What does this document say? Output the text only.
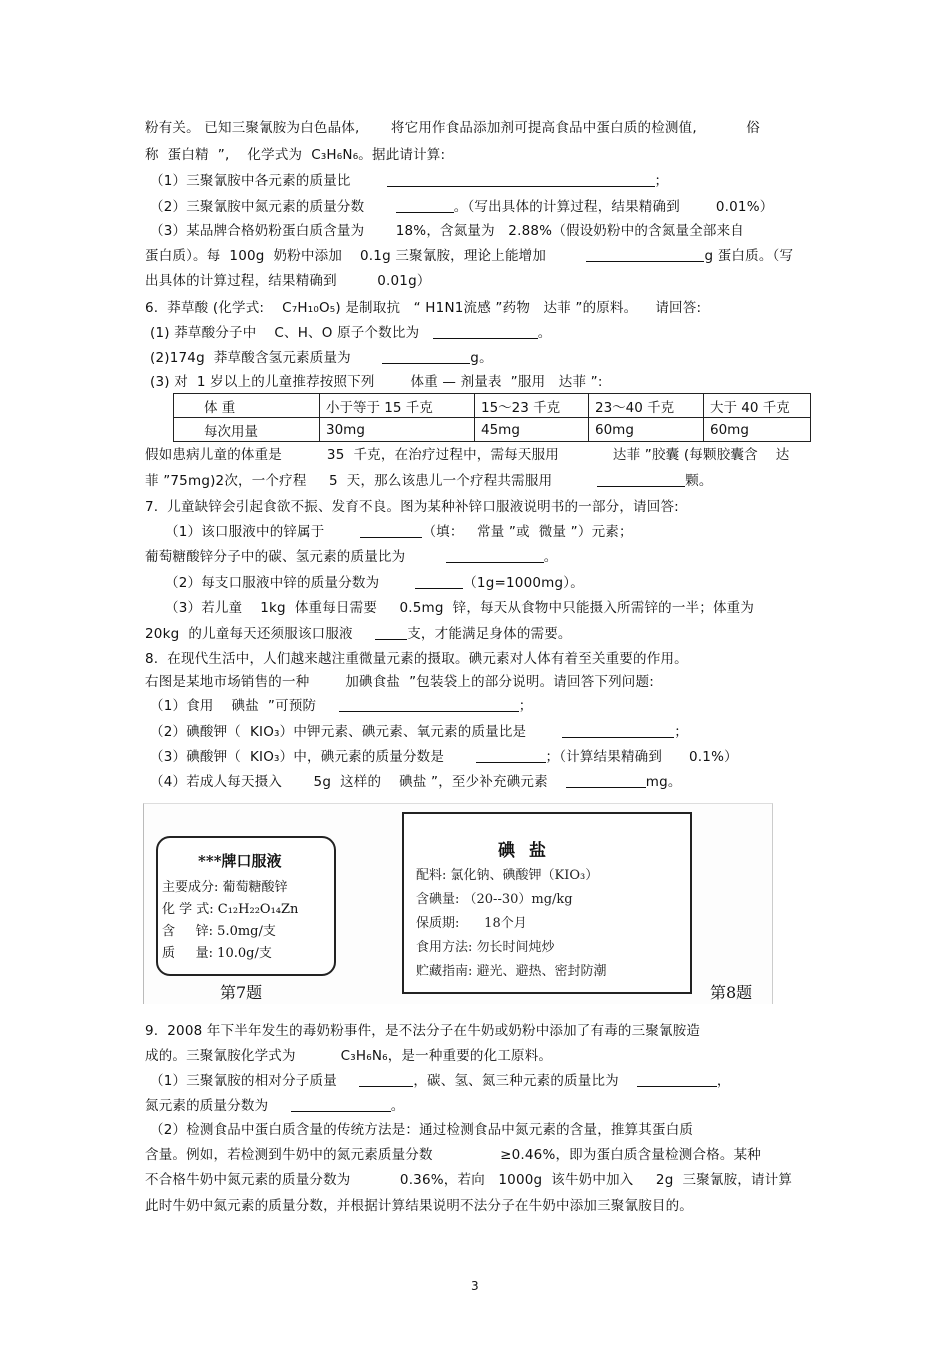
粉有关。 已知三聚氰胺为白色晶体,       将它用作食品添加剂可提高食品中蛋白质的检测值,           俗
称  蛋白精  ”,    化学式为  C₃H₆N₆。据此请计算:
（1）三聚氰胺中各元素的质量比	；
（2）三聚氰胺中氮元素的质量分数	。（写出具体的计算过程，结果精确到        0.01%）
（3）某品牌合格奶粉蛋白质含量为       18%，含氮量为   2.88%（假设奶粉中的含氮量全部来自
蛋白质）。每  100g  奶粉中添加    0.1g 三聚氰胺，理论上能增加	g 蛋白质。（写
出具体的计算过程，结果精确到         0.01g）
6.  莽草酸 (化学式:    C₇H₁₀O₅) 是制取抗   “ H1N1流感 ”药物   达菲 ”的原料。    请回答:
(1) 莽草酸分子中    C、H、O 原子个数比为	。
(2)174g  莽草酸含氢元素质量为	g。
(3) 对  1 岁以上的儿童推荐按照下列        体重 — 剂量表  ”服用   达菲 ”:
体 重	小于等于 15 千克	15～23 千克	23～40 千克	大于 40 千克
每次用量	30mg	45mg	60mg	60mg
假如患病儿童的体重是          35  千克，在治疗过程中，需每天服用            达菲 ”胶囊 (每颗胶囊含    达
菲 ”75mg)2次，一个疗程     5  天，那么该患儿一个疗程共需服用	颗。
7.  儿童缺锌会引起食欲不振、发育不良。图为某种补锌口服液说明书的一部分，请回答:
（1）该口服液中的锌属于	（填：   常量 ”或  微量 ”）元素；
葡萄糖酸锌分子中的碳、氢元素的质量比为	。
（2）每支口服液中锌的质量分数为	（1g=1000mg）。
（3）若儿童    1kg  体重每日需要     0.5mg  锌，每天从食物中只能摄入所需锌的一半；体重为
20kg  的儿童每天还须服该口服液	支，才能满足身体的需要。
8.  在现代生活中，人们越来越注重微量元素的摄取。碘元素对人体有着至关重要的作用。
右图是某地市场销售的一种        加碘食盐  ”包装袋上的部分说明。请回答下列问题:
（1）食用    碘盐  ”可预防	；
（2）碘酸钾（  KIO₃）中钾元素、碘元素、氧元素的质量比是	；
（3）碘酸钾（  KIO₃）中，碘元素的质量分数是	；（计算结果精确到      0.1%）
（4）若成人每天摄入       5g  这样的    碘盐 ”，至少补充碘元素	mg。
***牌口服液
主要成分: 葡萄糖酸锌
化 学 式: C₁₂H₂₂O₁₄Zn
含     锌: 5.0mg/支
质     量: 10.0g/支
第7题
碘盐
配料: 氯化钠、碘酸钾（KIO₃）
含碘量: （20--30）mg/kg
保质期:      18个月
食用方法: 勿长时间炖炒
贮藏指南: 避光、避热、密封防潮
第8题
9.  2008 年下半年发生的毒奶粉事件，是不法分子在牛奶或奶粉中添加了有毒的三聚氰胺造
成的。三聚氰胺化学式为          C₃H₆N₆，是一种重要的化工原料。
（1）三聚氰胺的相对分子质量	，碳、氢、氮三种元素的质量比为	，
氮元素的质量分数为	。
（2）检测食品中蛋白质含量的传统方法是：通过检测食品中氮元素的含量，推算其蛋白质
含量。例如，若检测到牛奶中的氮元素质量分数               ≥0.46%，即为蛋白质含量检测合格。某种
不合格牛奶中氮元素的质量分数为           0.36%，若向   1000g  该牛奶中加入     2g  三聚氰胺，请计算
此时牛奶中氮元素的质量分数，并根据计算结果说明不法分子在牛奶中添加三聚氰胺目的。
3
